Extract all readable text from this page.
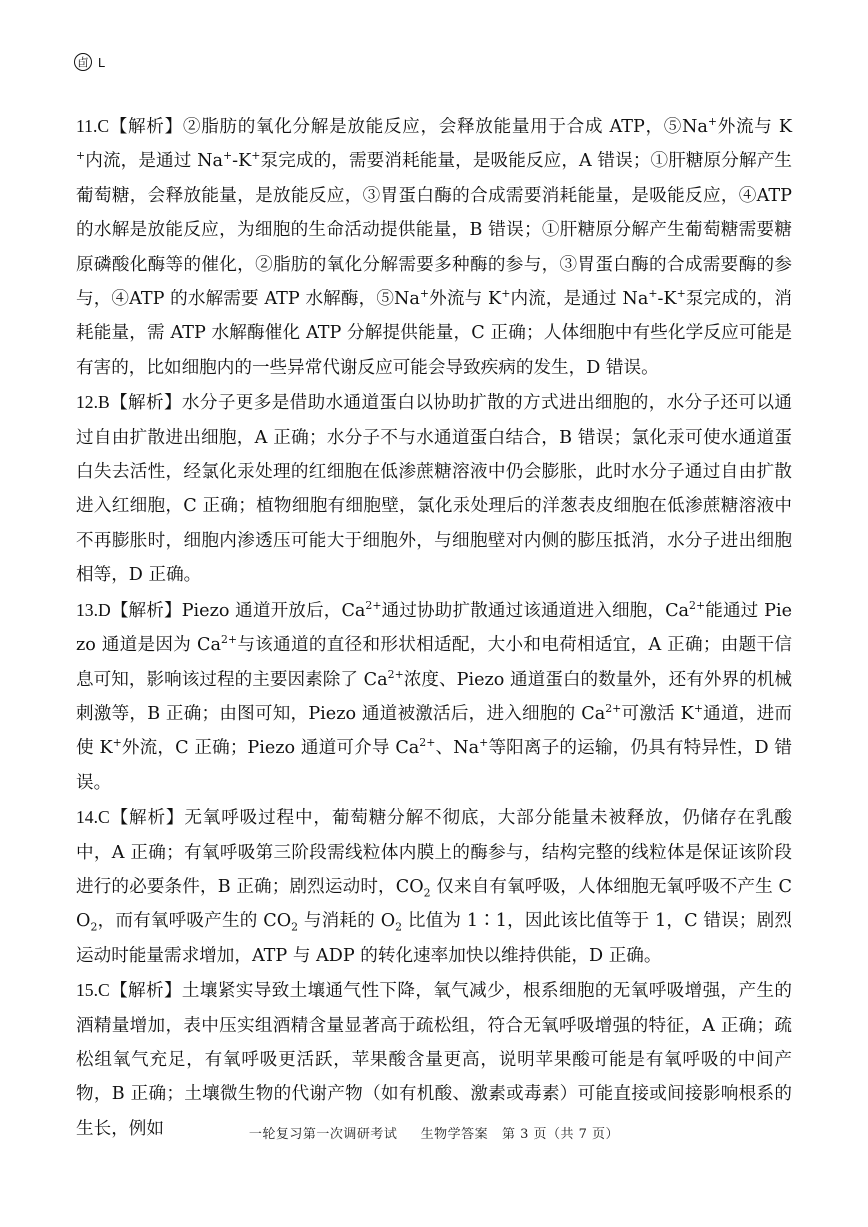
卣 L

11.C【解析】②脂肪的氧化分解是放能反应，会释放能量用于合成 ATP，⑤Na+外流与 K+内流，是通过 Na+-K+泵完成的，需要消耗能量，是吸能反应，A 错误；①肝糖原分解产生葡萄糖，会释放能量，是放能反应，③胃蛋白酶的合成需要消耗能量，是吸能反应，④ATP 的水解是放能反应，为细胞的生命活动提供能量，B 错误；①肝糖原分解产生葡萄糖需要糖原磷酸化酶等的催化，②脂肪的氧化分解需要多种酶的参与，③胃蛋白酶的合成需要酶的参与，④ATP 的水解需要 ATP 水解酶，⑤Na+外流与 K+内流，是通过 Na+-K+泵完成的，消耗能量，需 ATP 水解酶催化 ATP 分解提供能量，C 正确；人体细胞中有些化学反应可能是有害的，比如细胞内的一些异常代谢反应可能会导致疾病的发生，D 错误。

12.B【解析】水分子更多是借助水通道蛋白以协助扩散的方式进出细胞的，水分子还可以通过自由扩散进出细胞，A 正确；水分子不与水通道蛋白结合，B 错误；氯化汞可使水通道蛋白失去活性，经氯化汞处理的红细胞在低渗蔗糖溶液中仍会膨胀，此时水分子通过自由扩散进入红细胞，C 正确；植物细胞有细胞壁，氯化汞处理后的洋葱表皮细胞在低渗蔗糖溶液中不再膨胀时，细胞内渗透压可能大于细胞外，与细胞壁对内侧的膨压抵消，水分子进出细胞相等，D 正确。

13.D【解析】Piezo 通道开放后，$Ca^{2+}$通过协助扩散通过该通道进入细胞，$Ca^{2+}$能通过 Piezo 通道是因为 $Ca^{2+}$与该通道的直径和形状相适配，大小和电荷相适宜，A 正确；由题干信息可知，影响该过程的主要因素除了 $Ca^{2+}$浓度、Piezo 通道蛋白的数量外，还有外界的机械刺激等，B 正确；由图可知，Piezo 通道被激活后，进入细胞的 $Ca^{2+}$可激活 K+通道，进而使 K+外流，C 正确；Piezo 通道可介导 $Ca^{2+}$、Na+等阳离子的运输，仍具有特异性，D 错误。

14.C【解析】无氧呼吸过程中，葡萄糖分解不彻底，大部分能量未被释放，仍储存在乳酸中，A 正确；有氧呼吸第三阶段需线粒体内膜上的酶参与，结构完整的线粒体是保证该阶段进行的必要条件，B 正确；剧烈运动时，$CO_2$ 仅来自有氧呼吸，人体细胞无氧呼吸不产生 $CO_2$，而有氧呼吸产生的 $CO_2$ 与消耗的 $O_2$ 比值为 1∶1，因此该比值等于 1，C 错误；剧烈运动时能量需求增加，ATP 与 ADP 的转化速率加快以维持供能，D 正确。

15.C【解析】土壤紧实导致土壤通气性下降，氧气减少，根系细胞的无氧呼吸增强，产生的酒精量增加，表中压实组酒精含量显著高于疏松组，符合无氧呼吸增强的特征，A 正确；疏松组氧气充足，有氧呼吸更活跃，苹果酸含量更高，说明苹果酸可能是有氧呼吸的中间产物，B 正确；土壤微生物的代谢产物（如有机酸、激素或毒素）可能直接或间接影响根系的生长，例如	一轮复习第一次调研考试     生物学答案   第 3 页（共 7 页）
